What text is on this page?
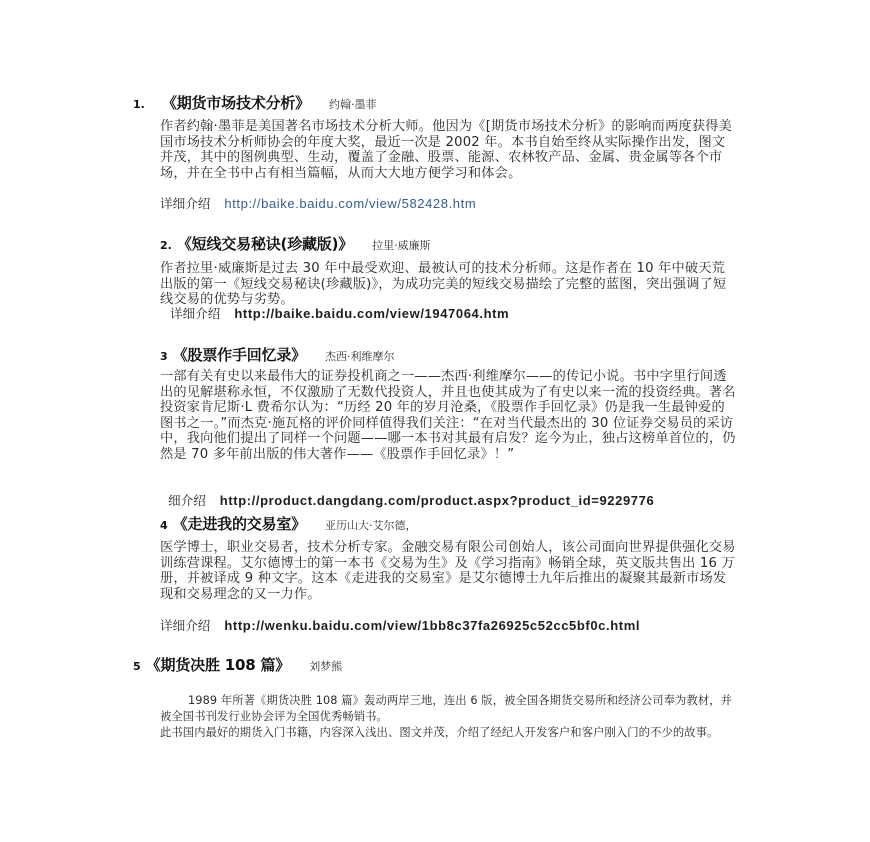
1. 《期货市场技术分析》 约翰·墨菲
作者约翰·墨菲是美国著名市场技术分析大师。他因为《[期货市场技术分析》的影响而两度获得美国市场技术分析师协会的年度大奖，最近一次是 2002 年。本书自始至终从实际操作出发，图文并茂，其中的图例典型、生动，覆盖了金融、股票、能源、农林牧产品、金属、贵金属等各个市场，并在全书中占有相当篇幅，从而大大地方便学习和体会。
详细介绍 http://baike.baidu.com/view/582428.htm
2. 《短线交易秘诀(珍藏版)》 拉里·威廉斯
作者拉里·威廉斯是过去 30 年中最受欢迎、最被认可的技术分析师。这是作者在 10 年中破天荒出版的第一《短线交易秘诀(珍藏版)》，为成功完美的短线交易描绘了完整的蓝图，突出强调了短线交易的优势与劣势。
详细介绍 http://baike.baidu.com/view/1947064.htm
3 《股票作手回忆录》 杰西·利维摩尔
一部有关有史以来最伟大的证券投机商之一——杰西·利维摩尔——的传记小说。书中字里行间透出的见解堪称永恒，不仅激励了无数代投资人，并且也使其成为了有史以来一流的投资经典。著名投资家肯尼斯·L 费希尔认为：“历经 20 年的岁月沧桑，《股票作手回忆录》仍是我一生最钟爱的图书之一。”而杰克·施瓦格的评价同样值得我们关注：“在对当代最杰出的 30 位证券交易员的采访中，我向他们提出了同样一个问题——哪一本书对其最有启发？迄今为止，独占这榜单首位的，仍然是 70 多年前出版的伟大著作——《股票作手回忆录》！”
细介绍 http://product.dangdang.com/product.aspx?product_id=9229776
4 《走进我的交易室》 亚历山大·艾尔德，
医学博士，职业交易者，技术分析专家。金融交易有限公司创始人，该公司面向世界提供强化交易训练营课程。艾尔德博士的第一本书《交易为生》及《学习指南》畅销全球，英文版共售出 16 万册，并被译成 9 种文字。这本《走进我的交易室》是艾尔德博士九年后推出的凝聚其最新市场发现和交易理念的又一力作。
详细介绍 http://wenku.baidu.com/view/1bb8c37fa26925c52cc5bf0c.html
5 《期货决胜 108 篇》 刘梦熊

1989 年所著《期货决胜 108 篇》轰动两岸三地，连出 6 版，被全国各期货交易所和经济公司奉为教材，并被全国书刊发行业协会评为全国优秀畅销书。

此书国内最好的期货入门书籍，内容深入浅出、图文并茂，介绍了经纪人开发客户和客户刚入门的不少的故事。
